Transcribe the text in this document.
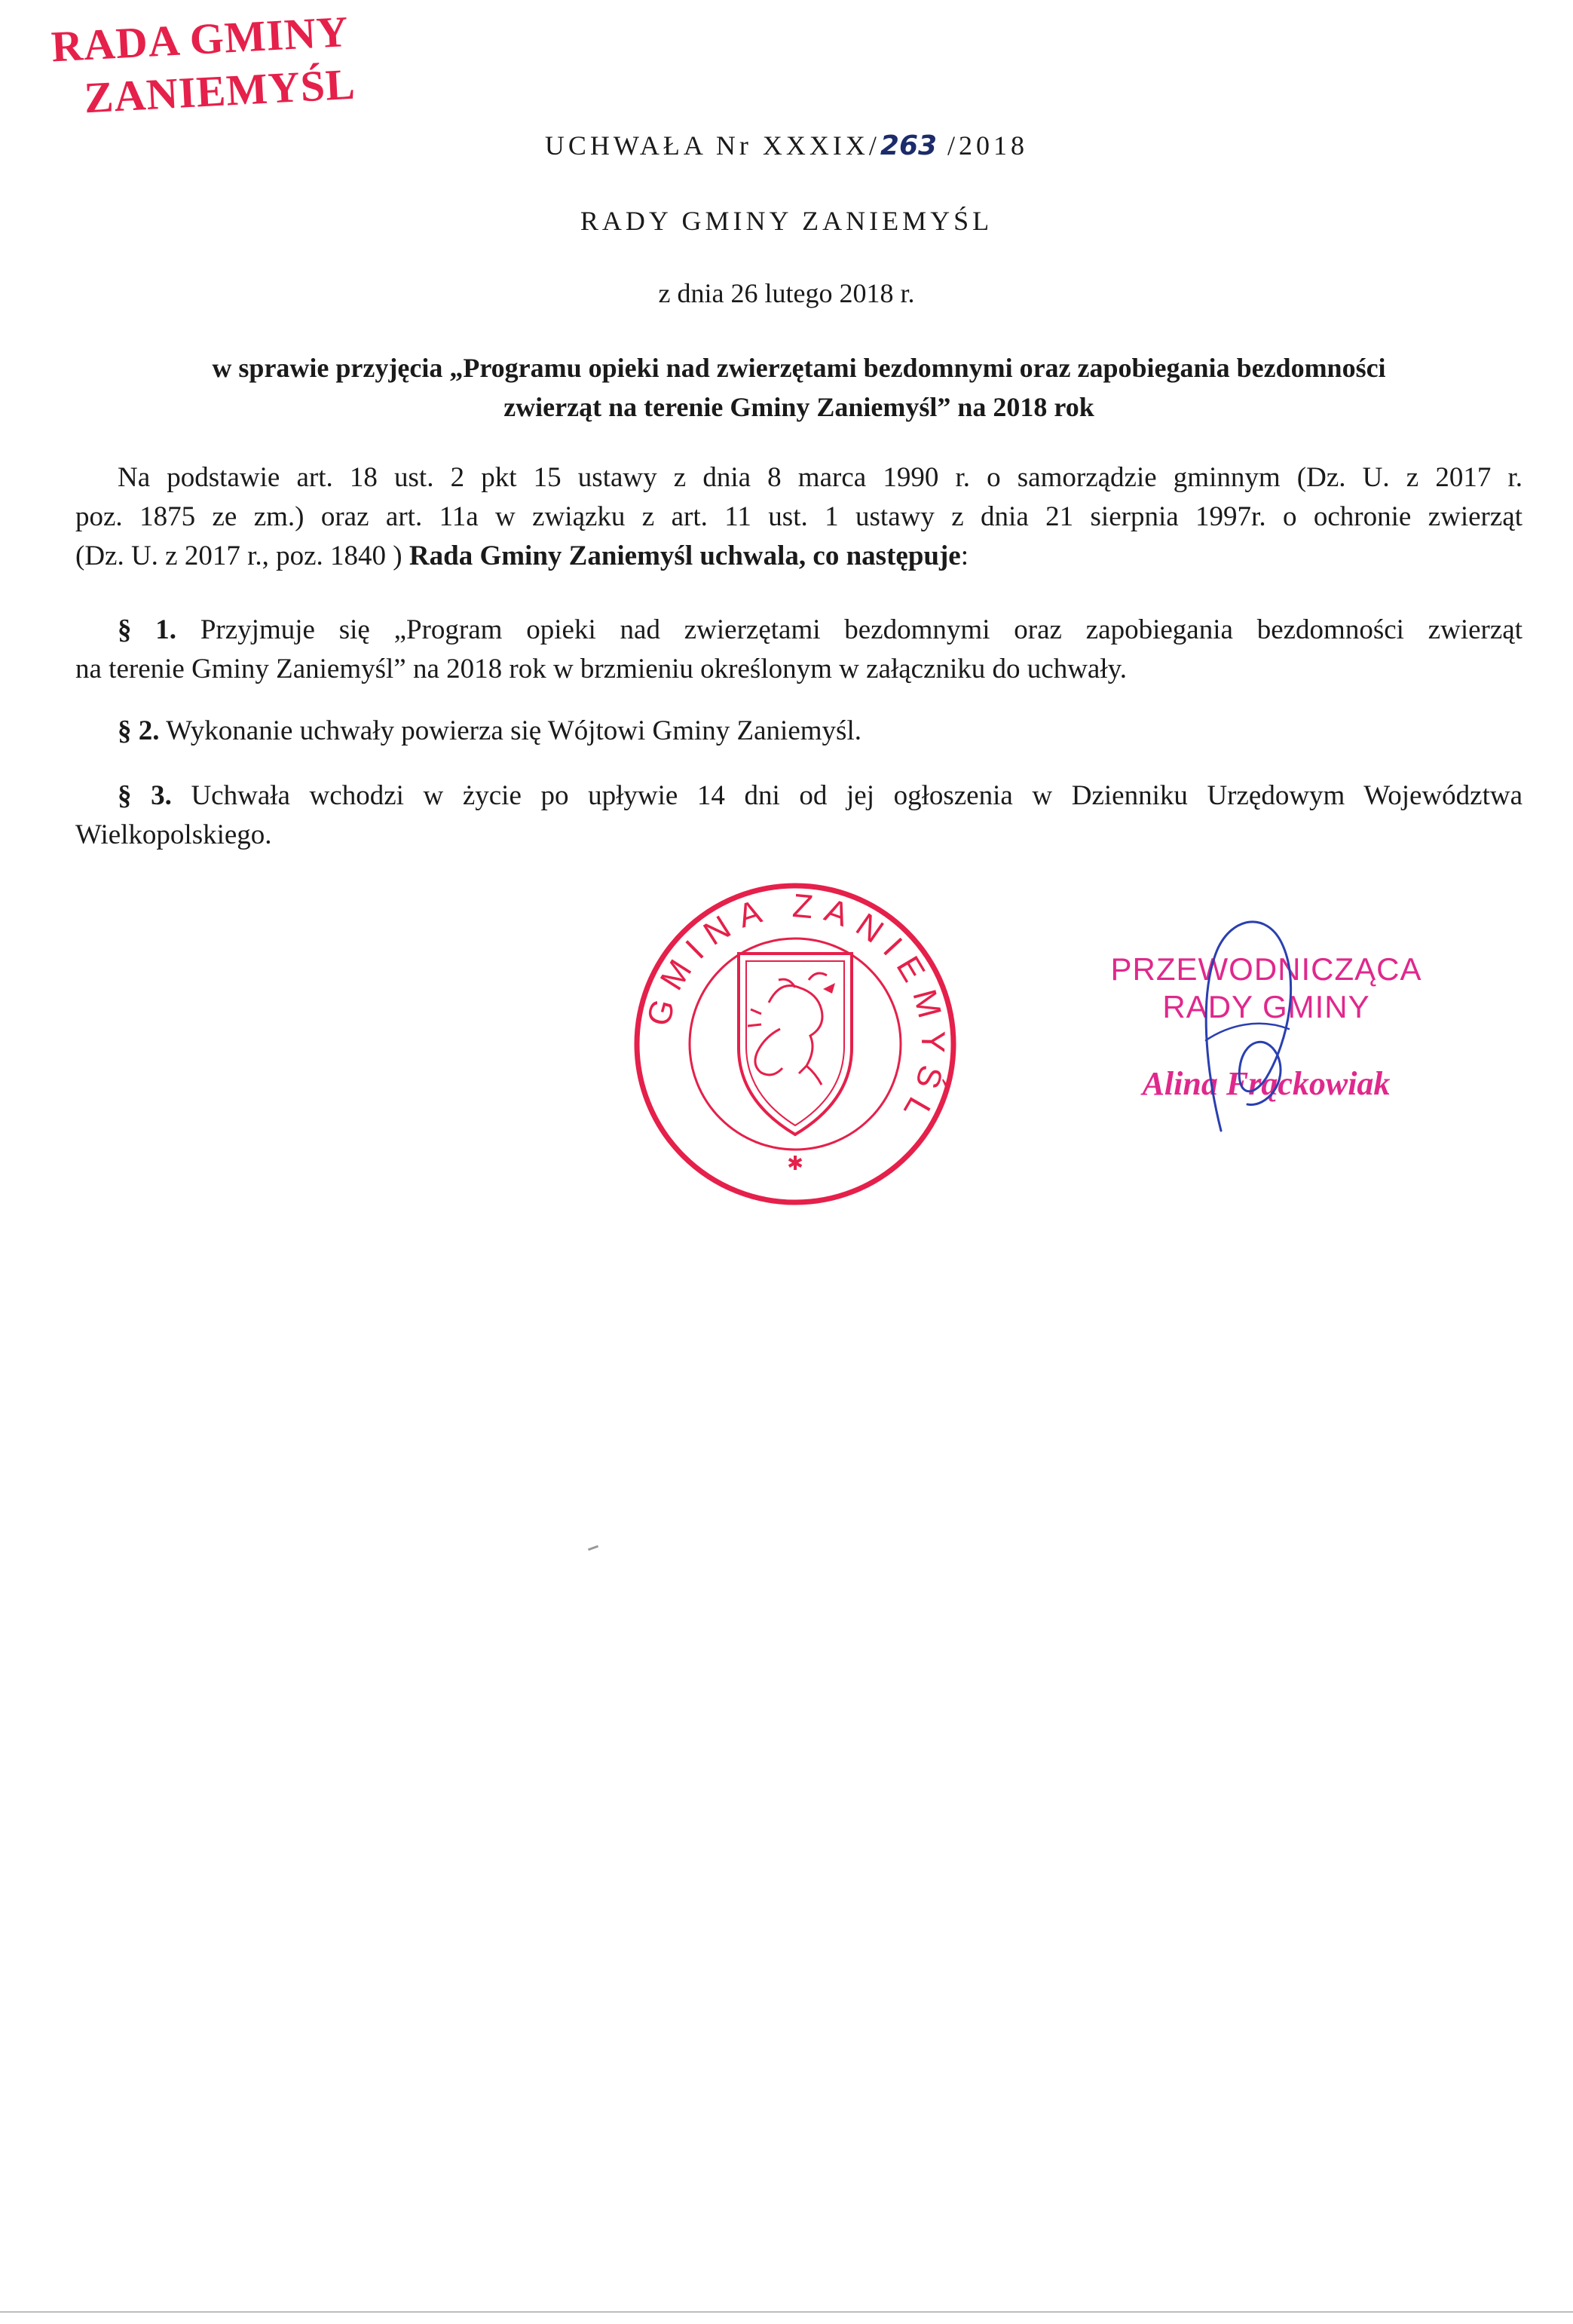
RADA GMINY
ZANIEMYŚL
UCHWAŁA Nr XXXIX/263 /2018
RADY GMINY ZANIEMYŚL
z dnia 26 lutego 2018 r.
w sprawie przyjęcia „Programu opieki nad zwierzętami bezdomnymi oraz zapobiegania bezdomności
zwierząt na terenie Gminy Zaniemyśl” na 2018 rok
Na podstawie art. 18 ust. 2 pkt 15 ustawy z dnia 8 marca 1990 r. o samorządzie gminnym (Dz. U. z 2017 r.
poz. 1875 ze zm.) oraz art. 11a w związku z art. 11 ust. 1 ustawy z dnia 21 sierpnia 1997r. o ochronie zwierząt
(Dz. U. z 2017 r., poz. 1840 ) Rada Gminy Zaniemyśl uchwala, co następuje:
§ 1. Przyjmuje się „Program opieki nad zwierzętami bezdomnymi oraz zapobiegania bezdomności zwierząt
na terenie Gminy Zaniemyśl” na 2018 rok w brzmieniu określonym w załączniku do uchwały.
§ 2. Wykonanie uchwały powierza się Wójtowi Gminy Zaniemyśl.
§ 3. Uchwała wchodzi w życie po upływie 14 dni od jej ogłoszenia w Dzienniku Urzędowym Województwa
Wielkopolskiego.
GMINA ZANIEMYŚL
✱
PRZEWODNICZĄCA
RADY GMINY
Alina Frąckowiak
